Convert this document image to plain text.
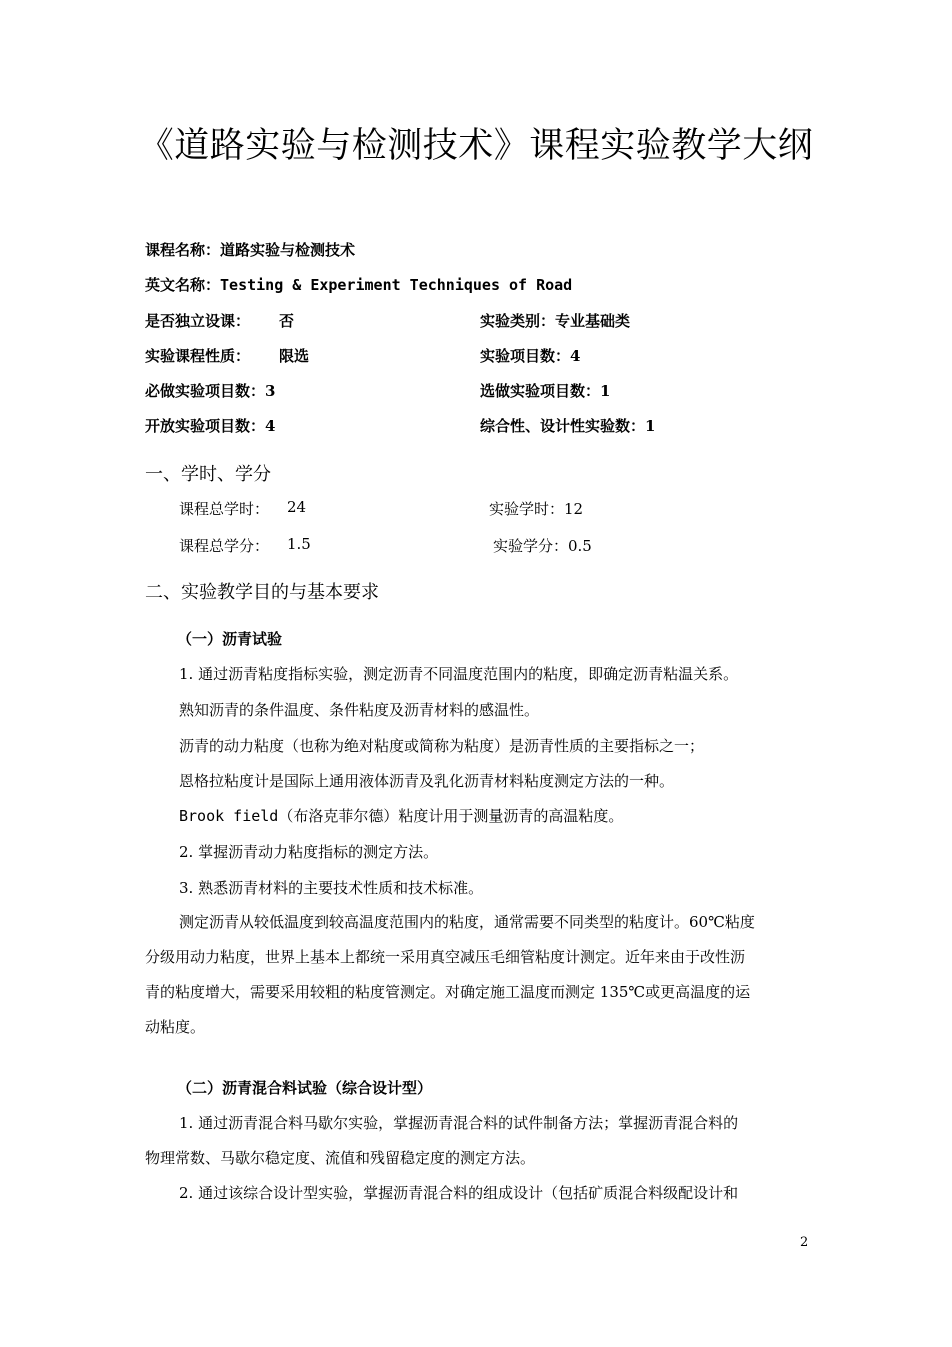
《道路实验与检测技术》课程实验教学大纲
课程名称：道路实验与检测技术
英文名称：Testing & Experiment Techniques of Road
是否独立设课： 否	实验类别：专业基础类
实验课程性质： 限选	实验项目数：4
必做实验项目数：3	选做实验项目数：1
开放实验项目数：4	综合性、设计性实验数：1
一、学时、学分
课程总学时： 24	实验学时：12
课程总学分： 1.5	实验学分：0.5
二、实验教学目的与基本要求
（一）沥青试验
1. 通过沥青粘度指标实验，测定沥青不同温度范围内的粘度，即确定沥青粘温关系。
熟知沥青的条件温度、条件粘度及沥青材料的感温性。
沥青的动力粘度（也称为绝对粘度或简称为粘度）是沥青性质的主要指标之一；
恩格拉粘度计是国际上通用液体沥青及乳化沥青材料粘度测定方法的一种。
Brook field（布洛克菲尔德）粘度计用于测量沥青的高温粘度。
2. 掌握沥青动力粘度指标的测定方法。
3. 熟悉沥青材料的主要技术性质和技术标准。
测定沥青从较低温度到较高温度范围内的粘度，通常需要不同类型的粘度计。60℃粘度
分级用动力粘度，世界上基本上都统一采用真空减压毛细管粘度计测定。近年来由于改性沥
青的粘度增大，需要采用较粗的粘度管测定。对确定施工温度而测定 135℃或更高温度的运
动粘度。
（二）沥青混合料试验（综合设计型）
1. 通过沥青混合料马歇尔实验，掌握沥青混合料的试件制备方法；掌握沥青混合料的
物理常数、马歇尔稳定度、流值和残留稳定度的测定方法。
2. 通过该综合设计型实验，掌握沥青混合料的组成设计（包括矿质混合料级配设计和
2
